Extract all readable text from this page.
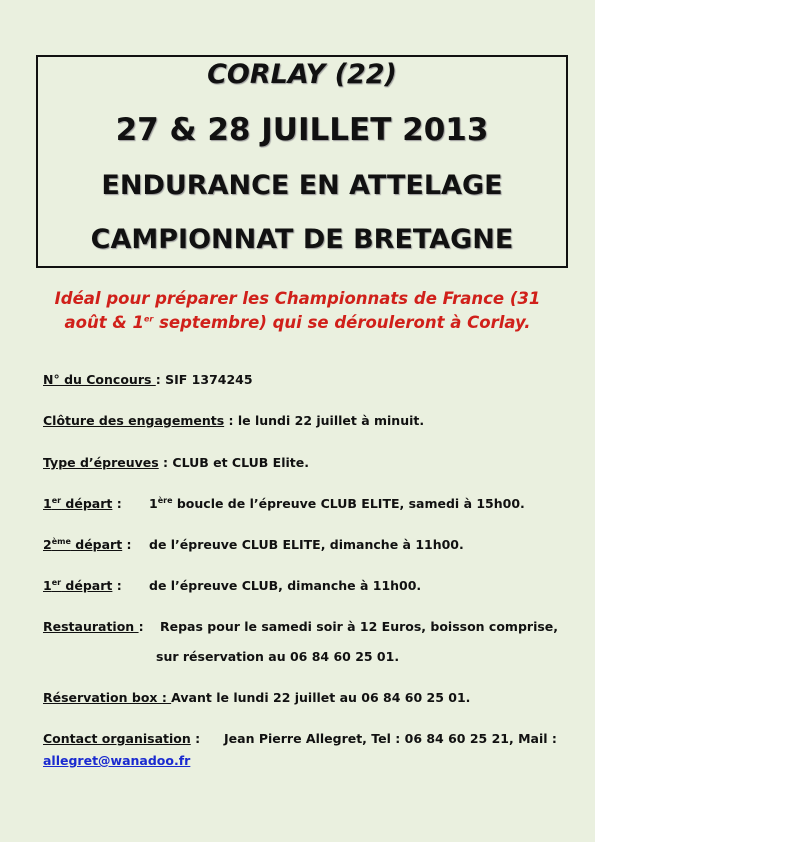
CORLAY (22)
27 & 28 JUILLET 2013
ENDURANCE EN ATTELAGE
CAMPIONNAT DE BRETAGNE
Idéal pour préparer les Championnats de France (31
août & 1er septembre) qui se dérouleront à Corlay.
N° du Concours : SIF 1374245
Clôture des engagements : le lundi 22 juillet à minuit.
Type d’épreuves : CLUB et CLUB Elite.
1er départ : 1ère boucle de l’épreuve CLUB ELITE, samedi à 15h00.
2ème départ : de l’épreuve CLUB ELITE, dimanche à 11h00.
1er départ : de l’épreuve CLUB, dimanche à 11h00.
Restauration : Repas pour le samedi soir à 12 Euros, boisson comprise,
sur réservation au 06 84 60 25 01.
Réservation box : Avant le lundi 22 juillet au 06 84 60 25 01.
Contact organisation : Jean Pierre Allegret, Tel : 06 84 60 25 21, Mail :
allegret@wanadoo.fr
